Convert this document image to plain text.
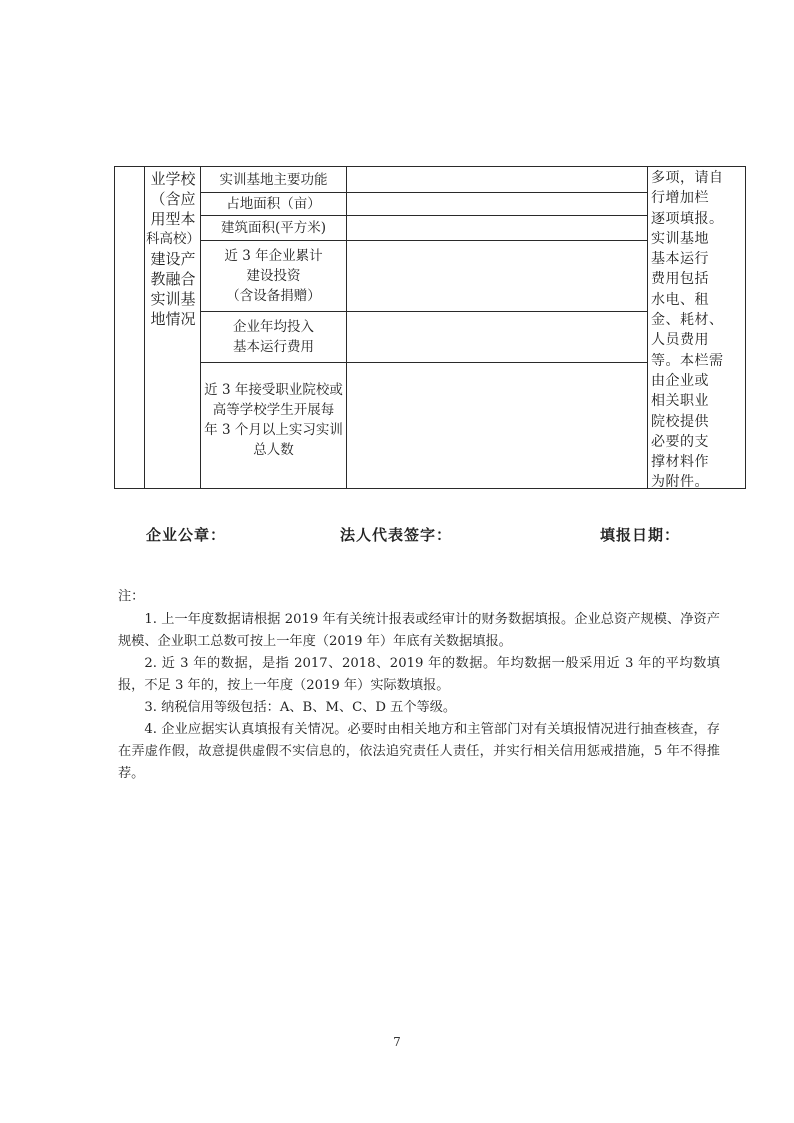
业学校
（含应
用型本
科高校）
建设产
教融合
实训基
地情况
实训基地主要功能
占地面积（亩）
建筑面积(平方米)
近 3 年企业累计
建设投资
（含设备捐赠）
企业年均投入
基本运行费用
近 3 年接受职业院校或
高等学校学生开展每
年 3 个月以上实习实训
总人数
多项，请自
行增加栏
逐项填报。
实训基地
基本运行
费用包括
水电、租
金、耗材、
人员费用
等。本栏需
由企业或
相关职业
院校提供
必要的支
撑材料作
为附件。
企业公章：	法人代表签字：	填报日期：

注：

1. 上一年度数据请根据 2019 年有关统计报表或经审计的财务数据填报。企业总资产规模、净资产规模、企业职工总数可按上一年度（2019 年）年底有关数据填报。

2. 近 3 年的数据，是指 2017、2018、2019 年的数据。年均数据一般采用近 3 年的平均数填报，不足 3 年的，按上一年度（2019 年）实际数填报。

3. 纳税信用等级包括：A、B、M、C、D 五个等级。

4. 企业应据实认真填报有关情况。必要时由相关地方和主管部门对有关填报情况进行抽查核查，存在弄虚作假，故意提供虚假不实信息的，依法追究责任人责任，并实行相关信用惩戒措施，5 年不得推荐。

7
